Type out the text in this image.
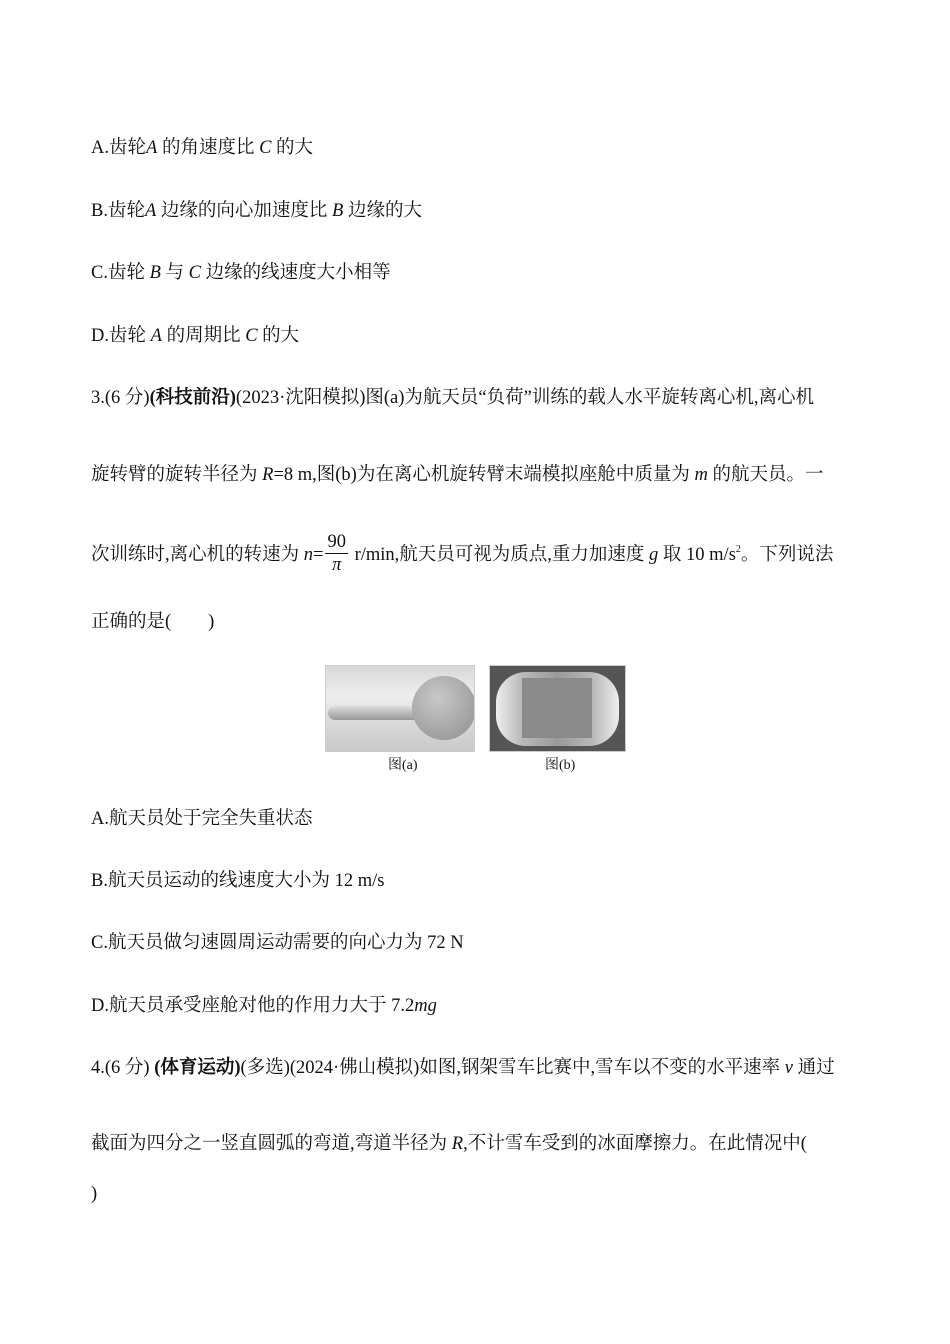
A.齿轮A 的角速度比 C 的大
B.齿轮A 边缘的向心加速度比 B 边缘的大
C.齿轮 B 与 C 边缘的线速度大小相等
D.齿轮 A 的周期比 C 的大
3.(6 分)(科技前沿)(2023·沈阳模拟)图(a)为航天员“负荷”训练的载人水平旋转离心机,离心机
旋转臂的旋转半径为 R=8 m,图(b)为在离心机旋转臂末端模拟座舱中质量为 m 的航天员。一
次训练时,离心机的转速为 $n= \frac{90}{\pi} r/\min$,航天员可视为质点,重力加速度 g 取 10 $m/s^2$。下列说法
正确的是(　　)
A.航天员处于完全失重状态
B.航天员运动的线速度大小为 12 m/s
C.航天员做匀速圆周运动需要的向心力为 72 N
D.航天员承受座舱对他的作用力大于 7.2mg
4.(6 分) (体育运动)(多选)(2024·佛山模拟)如图,钢架雪车比赛中,雪车以不变的水平速率 v 通过
截面为四分之一竖直圆弧的弯道,弯道半径为 R,不计雪车受到的冰面摩擦力。在此情况中(
)
图(a)	图(b)
